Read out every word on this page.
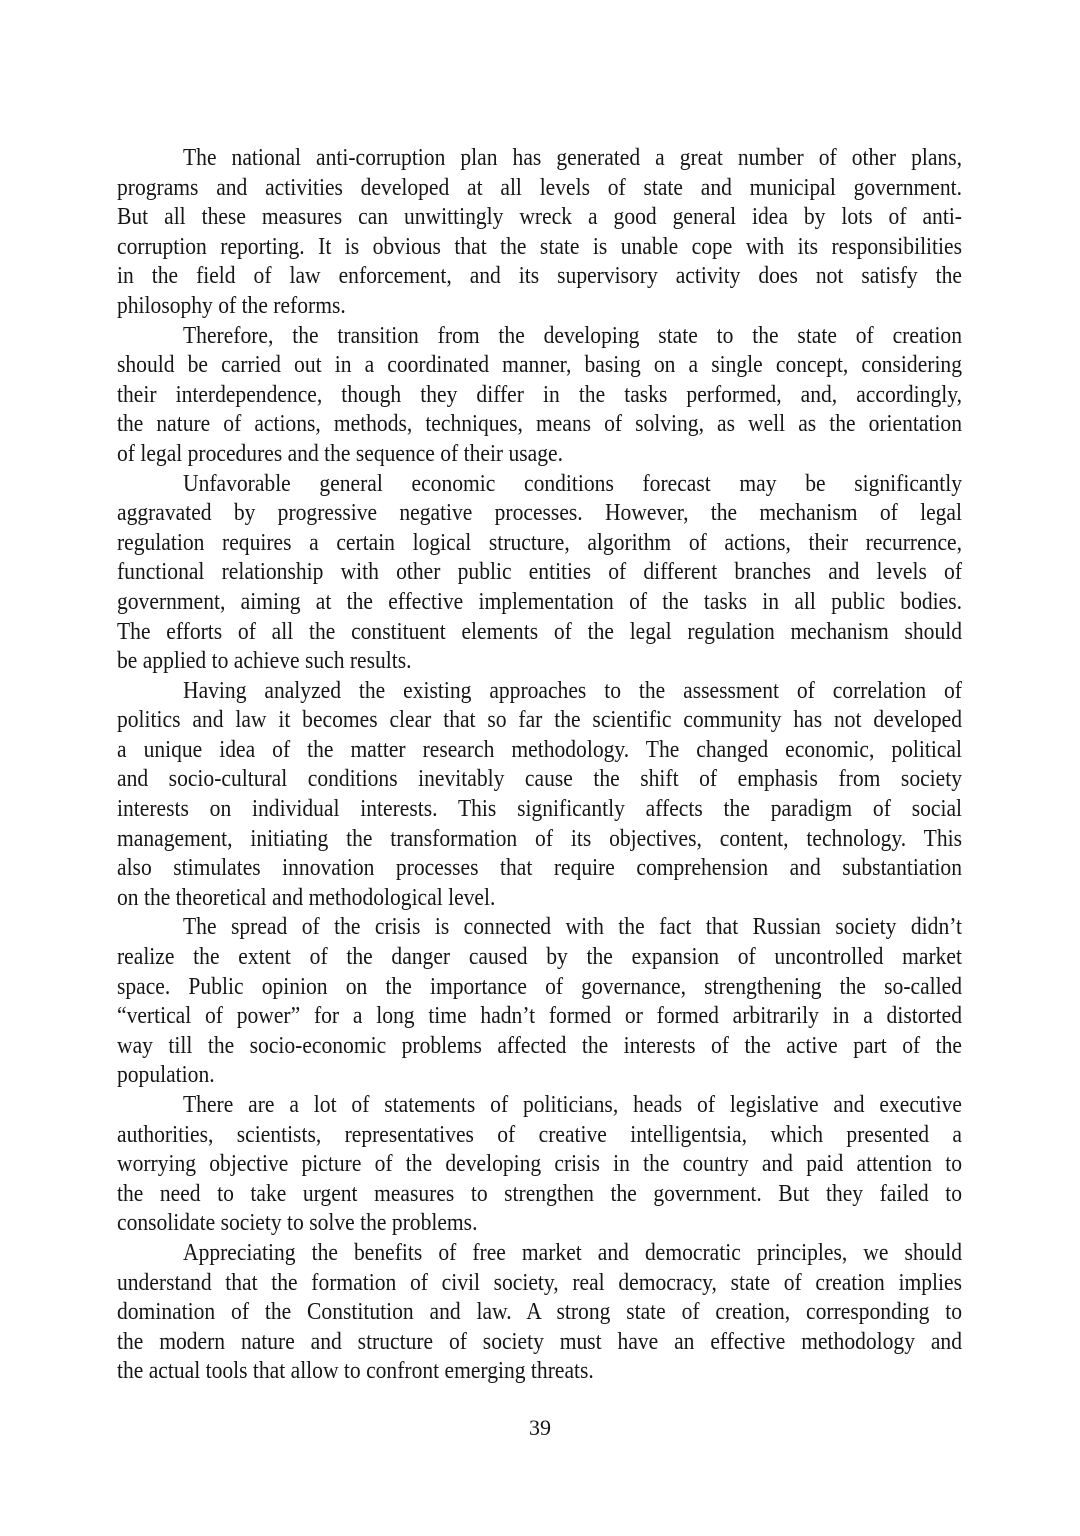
The national anti-corruption plan has generated a great number of other plans,
programs and activities developed at all levels of state and municipal government.
But all these measures can unwittingly wreck a good general idea by lots of anti-
corruption reporting. It is obvious that the state is unable cope with its responsibilities
in the field of law enforcement, and its supervisory activity does not satisfy the
philosophy of the reforms.
Therefore, the transition from the developing state to the state of creation
should be carried out in a coordinated manner, basing on a single concept, considering
their interdependence, though they differ in the tasks performed, and, accordingly,
the nature of actions, methods, techniques, means of solving, as well as the orientation
of legal procedures and the sequence of their usage.
Unfavorable general economic conditions forecast may be significantly
aggravated by progressive negative processes. However, the mechanism of legal
regulation requires a certain logical structure, algorithm of actions, their recurrence,
functional relationship with other public entities of different branches and levels of
government, aiming at the effective implementation of the tasks in all public bodies.
The efforts of all the constituent elements of the legal regulation mechanism should
be applied to achieve such results.
Having analyzed the existing approaches to the assessment of correlation of
politics and law it becomes clear that so far the scientific community has not developed
a unique idea of the matter research methodology. The changed economic, political
and socio-cultural conditions inevitably cause the shift of emphasis from society
interests on individual interests. This significantly affects the paradigm of social
management, initiating the transformation of its objectives, content, technology. This
also stimulates innovation processes that require comprehension and substantiation
on the theoretical and methodological level.
The spread of the crisis is connected with the fact that Russian society didn’t
realize the extent of the danger caused by the expansion of uncontrolled market
space. Public opinion on the importance of governance, strengthening the so-called
“vertical of power” for a long time hadn’t formed or formed arbitrarily in a distorted
way till the socio-economic problems affected the interests of the active part of the
population.
There are a lot of statements of politicians, heads of legislative and executive
authorities, scientists, representatives of creative intelligentsia, which presented a
worrying objective picture of the developing crisis in the country and paid attention to
the need to take urgent measures to strengthen the government. But they failed to
consolidate society to solve the problems.
Appreciating the benefits of free market and democratic principles, we should
understand that the formation of civil society, real democracy, state of creation implies
domination of the Constitution and law. A strong state of creation, corresponding to
the modern nature and structure of society must have an effective methodology and
the actual tools that allow to confront emerging threats.
39
